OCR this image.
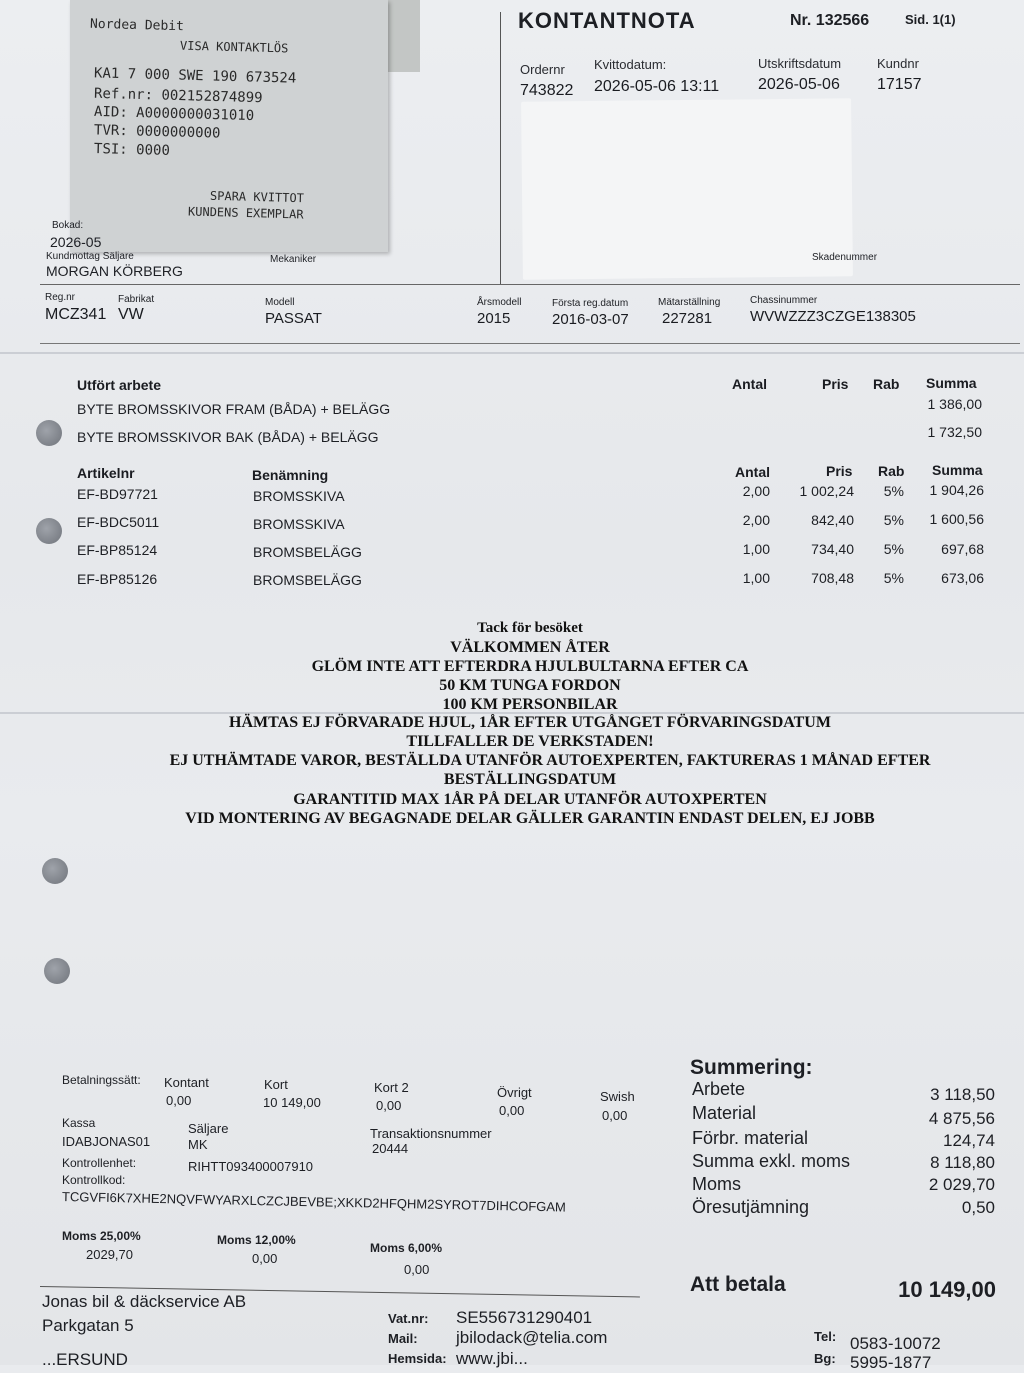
Nordea Debit
VISA KONTAKTLÖS
KA1 7 000 SWE 190 673524
Ref.nr: 002152874899
AID: A0000000031010
TVR: 0000000000
TSI: 0000
SPARA KVITTOT
KUNDENS EXEMPLAR
Bokad:
2026-05
Kundmottag Säljare	Mekaniker
MORGAN KÖRBERG
KONTANTNOTA	Nr. 132566	Sid. 1(1)
Ordernr
743822
Kvittodatum:
2026-05-06 13:11
Utskriftsdatum
2026-05-06
Kundnr
17157
Skadenummer
Reg.nr
MCZ341
Fabrikat
VW
Modell
PASSAT
Årsmodell
2015
Första reg.datum
2016-03-07
Mätarställning
227281
Chassinummer
WVWZZZ3CZGE138305
Utfört arbete	Antal	Pris Rab Summa
BYTE BROMSSKIVOR FRAM (BÅDA) + BELÄGG	1 386,00
BYTE BROMSSKIVOR BAK (BÅDA) + BELÄGG	1 732,50
Artikelnr	Benämning	Antal	Pris Rab Summa
EF-BD97721	BROMSSKIVA	2,00	1 002,24	5%	1 904,26
EF-BDC5011	BROMSSKIVA	2,00	842,40	5%	1 600,56
EF-BP85124	BROMSBELÄGG	1,00	734,40	5%	697,68
EF-BP85126	BROMSBELÄGG	1,00	708,48	5%	673,06
Tack för besöket
VÄLKOMMEN ÅTER
GLÖM INTE ATT EFTERDRA HJULBULTARNA EFTER CA
50 KM TUNGA FORDON
100 KM PERSONBILAR
HÄMTAS EJ FÖRVARADE HJUL, 1ÅR EFTER UTGÅNGET FÖRVARINGSDATUM
TILLFALLER DE VERKSTADEN!
EJ UTHÄMTADE VAROR, BESTÄLLDA UTANFÖR AUTOEXPERTEN, FAKTURERAS 1 MÅNAD EFTER
BESTÄLLINGSDATUM
GARANTITID MAX 1ÅR PÅ DELAR UTANFÖR AUTOXPERTEN
VID MONTERING AV BEGAGNADE DELAR GÄLLER GARANTIN ENDAST DELEN, EJ JOBB
Betalningssätt: Kontant
0,00
Kort
10 149,00
Kort 2
0,00
Övrigt
0,00
Swish
0,00
Kassa
IDABJONAS01
Säljare
MK
Transaktionsnummer
20444
Kontrollenhet:	RIHTT093400007910
Kontrollkod:
TCGVFI6K7XHE2NQVFWYARXLCZCJBEVBE;XKKD2HFQHM2SYROT7DIHCOFGAM
Moms 25,00%
2029,70
Moms 12,00%
0,00
Moms 6,00%
0,00
Summering:
Arbete	3 118,50
Material	4 875,56
Förbr. material	124,74
Summa exkl. moms	8 118,80
Moms	2 029,70
Öresutjämning	0,50
Att betala	10 149,00
Jonas bil & däckservice AB
Parkgatan 5
...ERSUND
Vat.nr: SE556731290401
Mail: jbilodack@telia.com
Hemsida: www.jbi...
Tel: 0583-10072
Bg: 5995-1877
